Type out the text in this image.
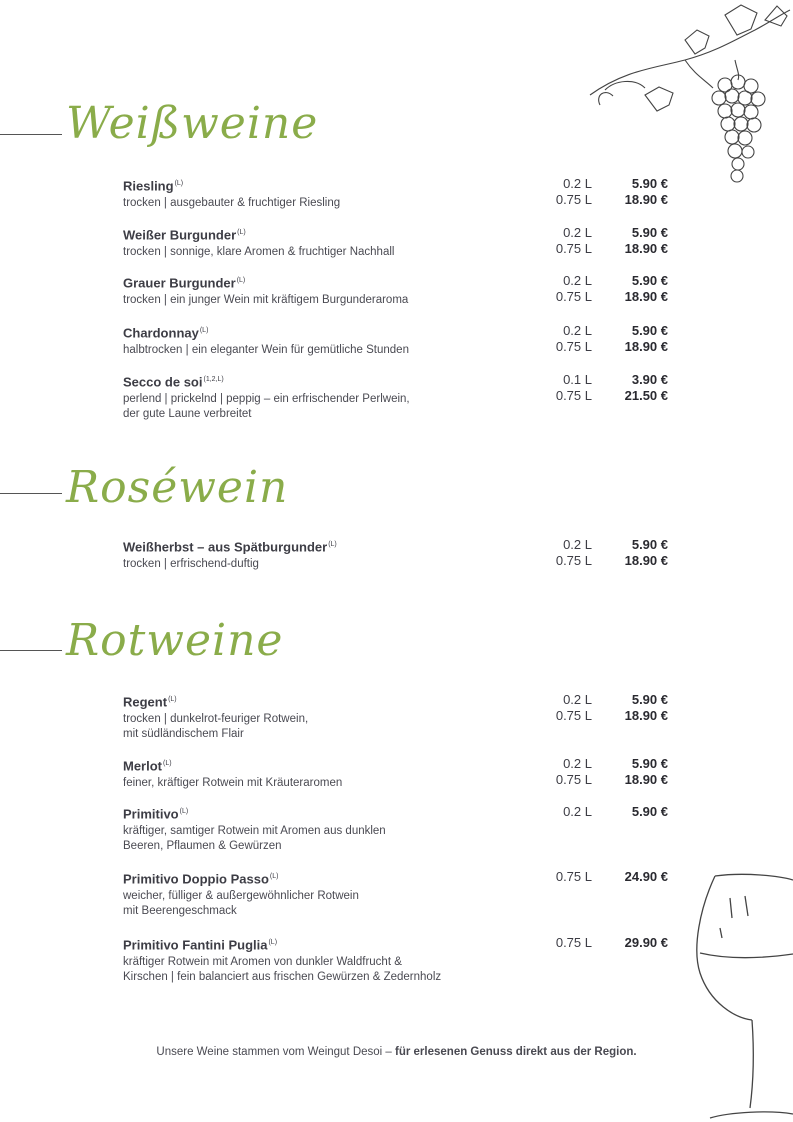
Weißweine
Riesling$^{(L)}$
trocken | ausgebauter & fruchtiger Riesling
0.2 L	5.90 €
0.75 L	18.90 €
Weißer Burgunder$^{(L)}$
trocken | sonnige, klare Aromen & fruchtiger Nachhall
0.2 L	5.90 €
0.75 L	18.90 €
Grauer Burgunder$^{(L)}$
trocken | ein junger Wein mit kräftigem Burgunderaroma
0.2 L	5.90 €
0.75 L	18.90 €
Chardonnay$^{(L)}$
halbtrocken | ein eleganter Wein für gemütliche Stunden
0.2 L	5.90 €
0.75 L	18.90 €
Secco de soi$^{(1,2,L)}$
perlend | prickelnd | peppig – ein erfrischender Perlwein,
der gute Laune verbreitet
0.1 L	3.90 €
0.75 L	21.50 €
Roséwein
Weißherbst – aus Spätburgunder$^{(L)}$
trocken | erfrischend-duftig
0.2 L	5.90 €
0.75 L	18.90 €
Rotweine
Regent$^{(L)}$
trocken | dunkelrot-feuriger Rotwein,
mit südländischem Flair
0.2 L	5.90 €
0.75 L	18.90 €
Merlot$^{(L)}$
feiner, kräftiger Rotwein mit Kräuteraromen
0.2 L	5.90 €
0.75 L	18.90 €
Primitivo$^{(L)}$
kräftiger, samtiger Rotwein mit Aromen aus dunklen
Beeren, Pflaumen & Gewürzen
0.2 L	5.90 €
Primitivo Doppio Passo$^{(L)}$
weicher, fülliger & außergewöhnlicher Rotwein
mit Beerengeschmack
0.75 L	24.90 €
Primitivo Fantini Puglia$^{(L)}$
kräftiger Rotwein mit Aromen von dunkler Waldfrucht &
Kirschen | fein balanciert aus frischen Gewürzen & Zedernholz
0.75 L	29.90 €
Unsere Weine stammen vom Weingut Desoi – für erlesenen Genuss direkt aus der Region.
